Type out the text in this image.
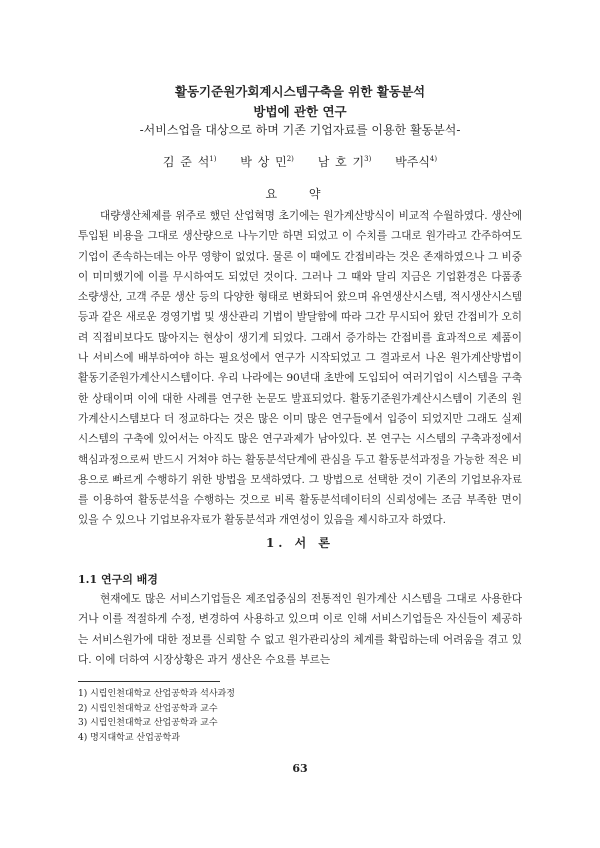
활동기준원가회계시스템구축을 위한 활동분석
방법에 관한 연구
-서비스업을 대상으로 하며 기존 기업자료를 이용한 활동분석-
김 준 석$^{1)}$ 박 상 민$^{2)}$ 남 호 기$^{3)}$ 박주식$^{4)}$
요 약

대량생산체제를 위주로 했던 산업혁명 초기에는 원가계산방식이 비교적 수월하였다. 생산에 투입된 비용을 그대로 생산량으로 나누기만 하면 되었고 이 수치를 그대로 원가라고 간주하여도 기업이 존속하는데는 아무 영향이 없었다. 물론 이 때에도 간접비라는 것은 존재하였으나 그 비중이 미미했기에 이를 무시하여도 되었던 것이다. 그러나 그 때와 달리 지금은 기업환경은 다품종 소량생산, 고객 주문 생산 등의 다양한 형태로 변화되어 왔으며 유연생산시스템, 적시생산시스템 등과 같은 새로운 경영기법 및 생산관리 기법이 발달함에 따라 그간 무시되어 왔던 간접비가 오히려 직접비보다도 많아지는 현상이 생기게 되었다. 그래서 증가하는 간접비를 효과적으로 제품이나 서비스에 배부하여야 하는 필요성에서 연구가 시작되었고 그 결과로서 나온 원가계산방법이 활동기준원가계산시스템이다. 우리 나라에는 90년대 초반에 도입되어 여러기업이 시스템을 구축한 상태이며 이에 대한 사례를 연구한 논문도 발표되었다. 활동기준원가계산시스템이 기존의 원가계산시스템보다 더 정교하다는 것은 많은 이미 많은 연구들에서 입증이 되었지만 그래도 실제 시스템의 구축에 있어서는 아직도 많은 연구과제가 남아있다. 본 연구는 시스템의 구축과정에서 핵심과정으로써 반드시 거쳐야 하는 활동분석단계에 관심을 두고 활동분석과정을 가능한 적은 비용으로 빠르게 수행하기 위한 방법을 모색하였다. 그 방법으로 선택한 것이 기존의 기업보유자료를 이용하여 활동분석을 수행하는 것으로 비록 활동분석데이터의 신뢰성에는 조금 부족한 면이 있을 수 있으나 기업보유자료가 활동분석과 개연성이 있음을 제시하고자 하였다.

1. 서 론
1.1 연구의 배경

현재에도 많은 서비스기업들은 제조업중심의 전통적인 원가계산 시스템을 그대로 사용한다거나 이를 적절하게 수정, 변경하여 사용하고 있으며 이로 인해 서비스기업들은 자신들이 제공하는 서비스원가에 대한 정보를 신뢰할 수 없고 원가관리상의 체계를 확립하는데 어려움을 겪고 있다. 이에 더하여 시장상황은 과거 생산은 수요를 부르는

1) 시립인천대학교 산업공학과 석사과정
2) 시립인천대학교 산업공학과 교수
3) 시립인천대학교 산업공학과 교수
4) 명지대학교 산업공학과
63
